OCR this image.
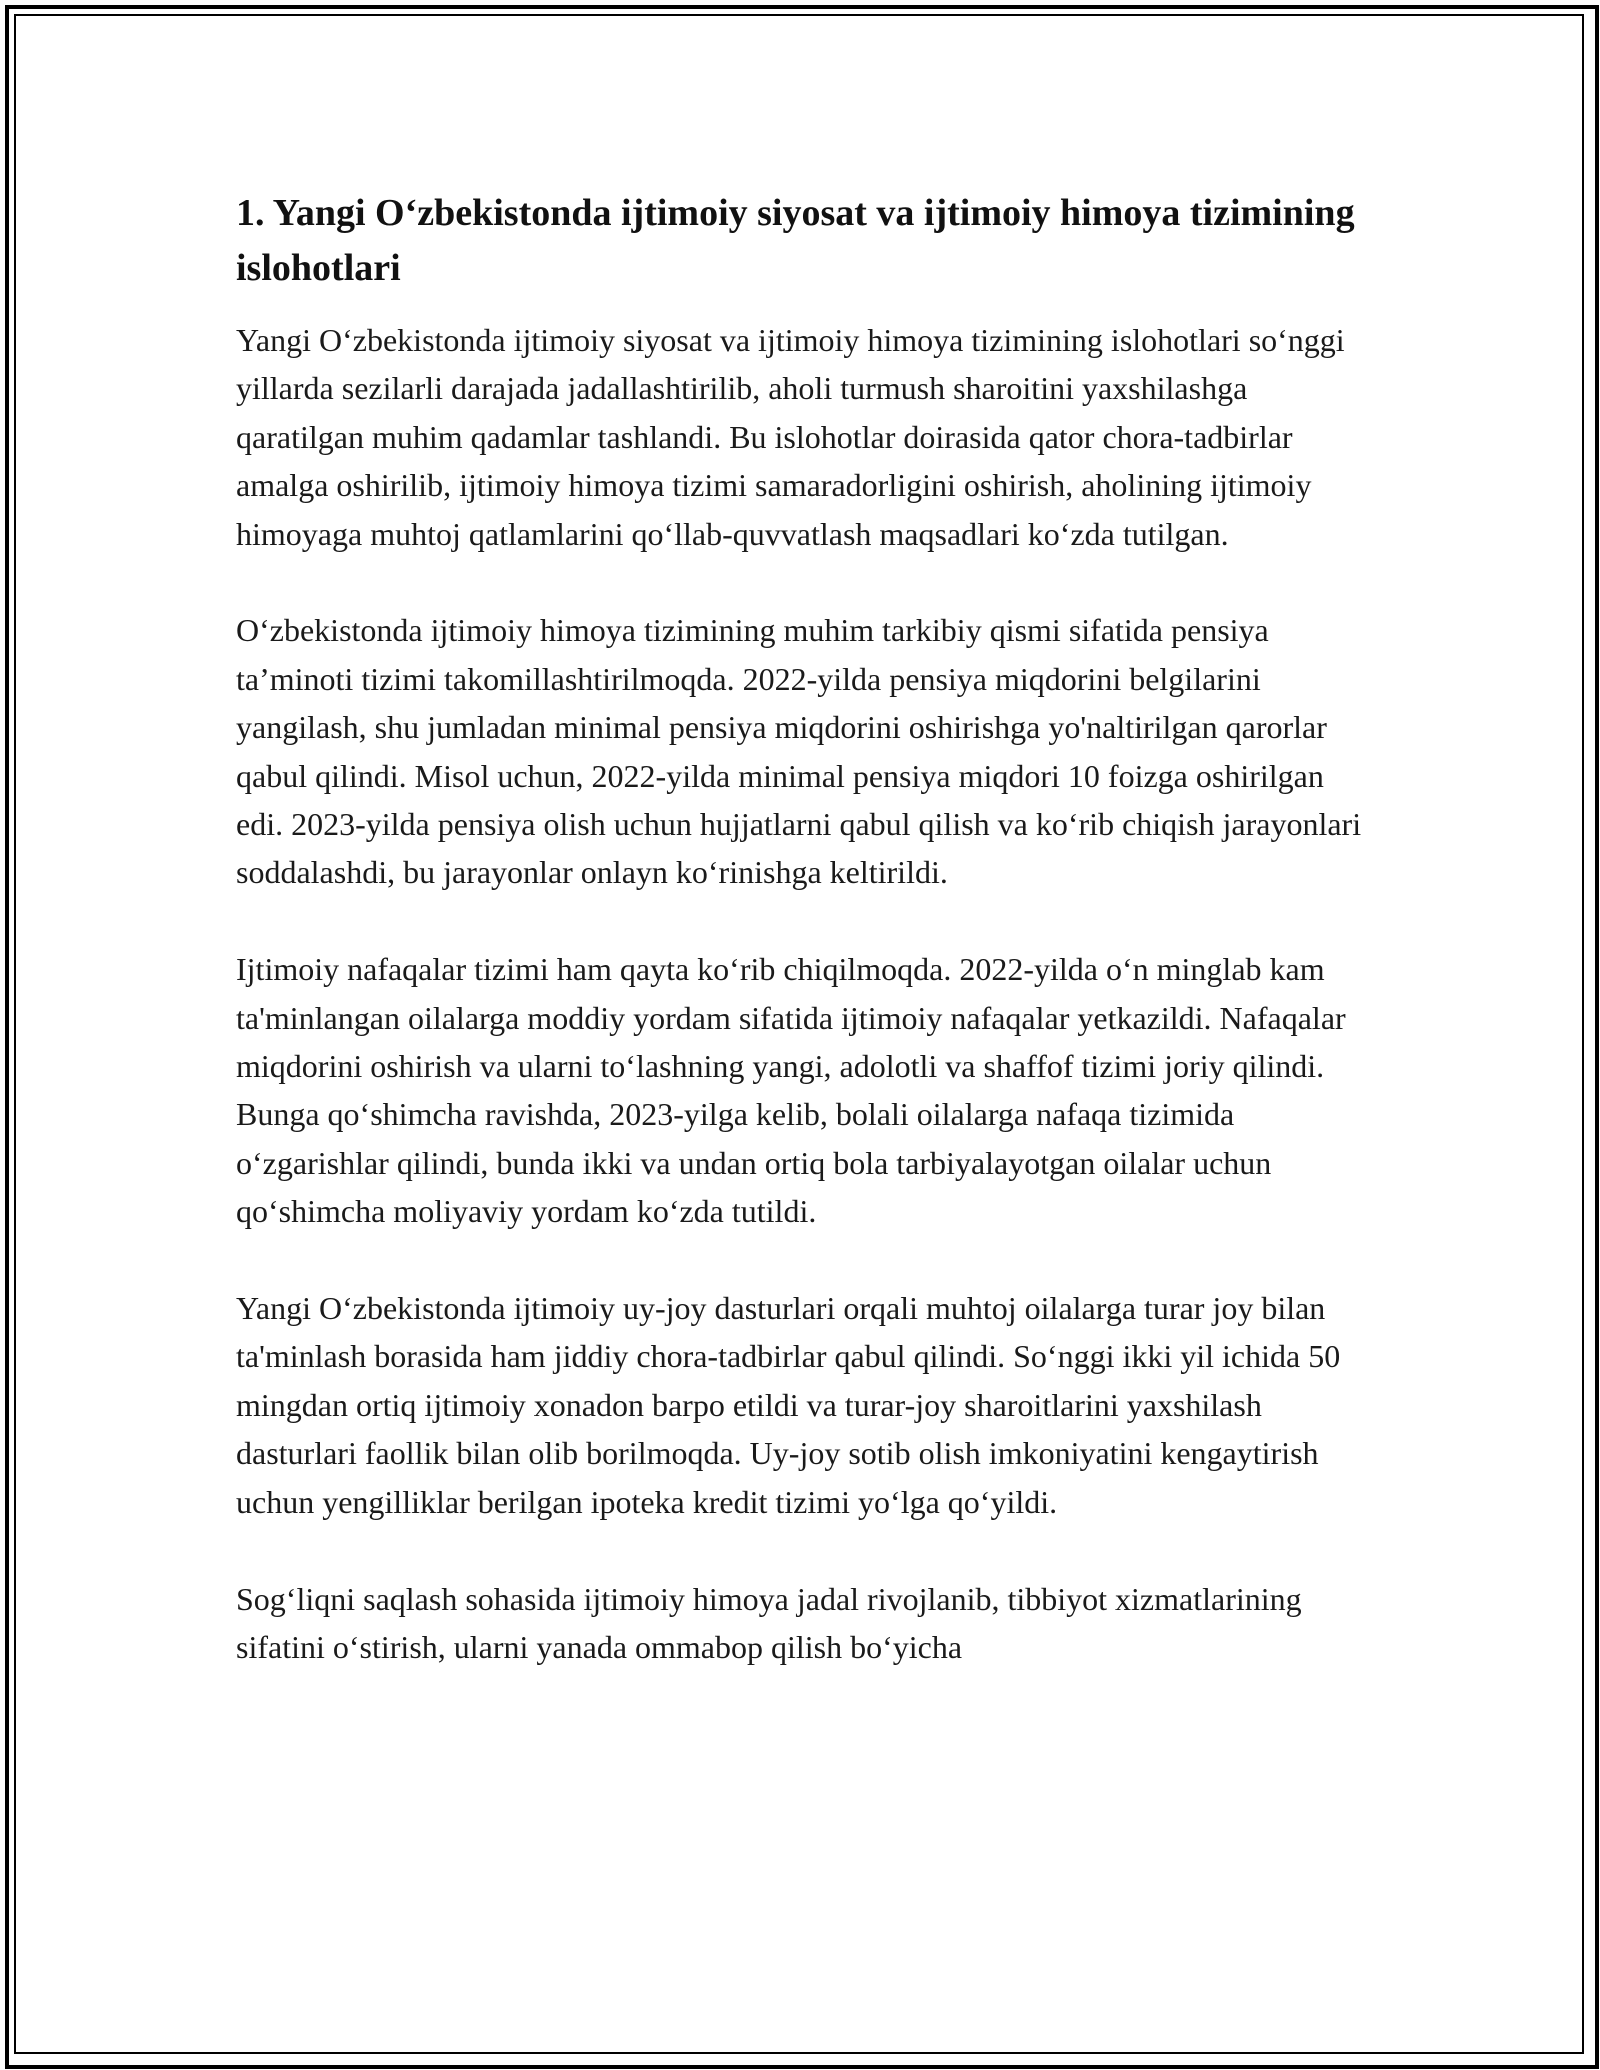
1. Yangi O‘zbekistonda ijtimoiy siyosat va ijtimoiy himoya tizimining islohotlari

Yangi O‘zbekistonda ijtimoiy siyosat va ijtimoiy himoya tizimining islohotlari so‘nggi yillarda sezilarli darajada jadallashtirilib, aholi turmush sharoitini yaxshilashga qaratilgan muhim qadamlar tashlandi. Bu islohotlar doirasida qator chora-tadbirlar amalga oshirilib, ijtimoiy himoya tizimi samaradorligini oshirish, aholining ijtimoiy himoyaga muhtoj qatlamlarini qo‘llab-quvvatlash maqsadlari ko‘zda tutilgan.

O‘zbekistonda ijtimoiy himoya tizimining muhim tarkibiy qismi sifatida pensiya ta’minoti tizimi takomillashtirilmoqda. 2022-yilda pensiya miqdorini belgilarini yangilash, shu jumladan minimal pensiya miqdorini oshirishga yo'naltirilgan qarorlar qabul qilindi. Misol uchun, 2022-yilda minimal pensiya miqdori 10 foizga oshirilgan edi. 2023-yilda pensiya olish uchun hujjatlarni qabul qilish va ko‘rib chiqish jarayonlari soddalashdi, bu jarayonlar onlayn ko‘rinishga keltirildi.

Ijtimoiy nafaqalar tizimi ham qayta ko‘rib chiqilmoqda. 2022-yilda o‘n minglab kam ta'minlangan oilalarga moddiy yordam sifatida ijtimoiy nafaqalar yetkazildi. Nafaqalar miqdorini oshirish va ularni to‘lashning yangi, adolotli va shaffof tizimi joriy qilindi. Bunga qo‘shimcha ravishda, 2023-yilga kelib, bolali oilalarga nafaqa tizimida o‘zgarishlar qilindi, bunda ikki va undan ortiq bola tarbiyalayotgan oilalar uchun qo‘shimcha moliyaviy yordam ko‘zda tutildi.

Yangi O‘zbekistonda ijtimoiy uy-joy dasturlari orqali muhtoj oilalarga turar joy bilan ta'minlash borasida ham jiddiy chora-tadbirlar qabul qilindi. So‘nggi ikki yil ichida 50 mingdan ortiq ijtimoiy xonadon barpo etildi va turar-joy sharoitlarini yaxshilash dasturlari faollik bilan olib borilmoqda. Uy-joy sotib olish imkoniyatini kengaytirish uchun yengilliklar berilgan ipoteka kredit tizimi yo‘lga qo‘yildi.

Sog‘liqni saqlash sohasida ijtimoiy himoya jadal rivojlanib, tibbiyot xizmatlarining sifatini o‘stirish, ularni yanada ommabop qilish bo‘yicha
